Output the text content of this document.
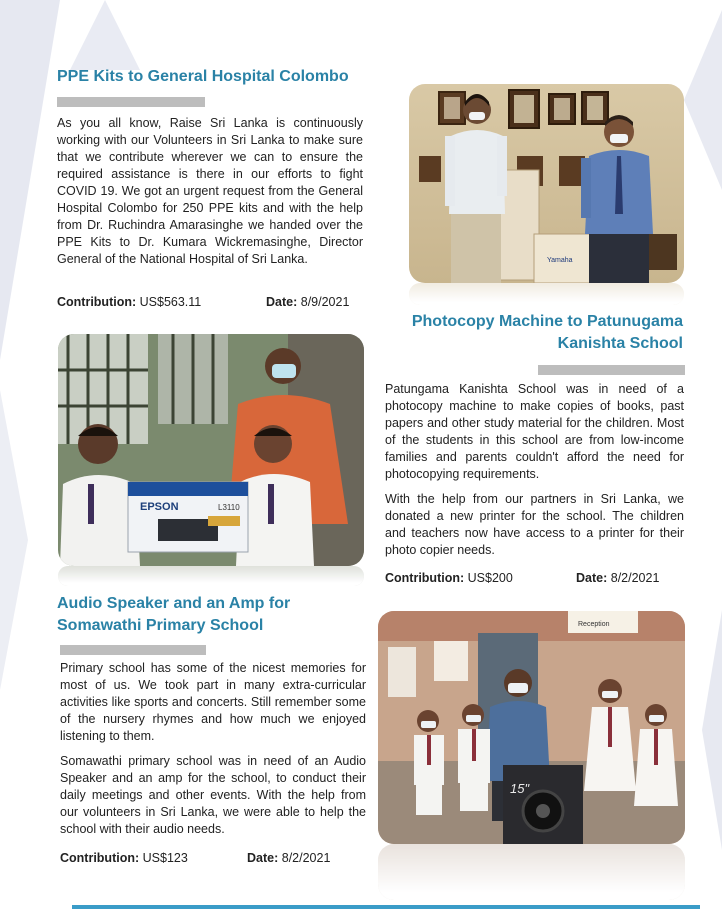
PPE Kits to General Hospital Colombo

As you all know, Raise Sri Lanka is continuously working with our Volunteers in Sri Lanka to make sure that we contribute wherever we can to ensure the required assistance is there in our efforts to fight COVID 19. We got an urgent request from the General Hospital Colombo for 250 PPE kits and with the help from Dr. Ruchindra Amarasinghe we handed over the PPE Kits to Dr. Kumara Wickremasinghe, Director General of the National Hospital of Sri Lanka.

Contribution: US$563.11	Date: 8/9/2021
Yamaha
Photocopy Machine to Patunugama
Kanishta School

Patungama Kanishta School was in need of a photocopy machine to make copies of books, past papers and other study material for the children. Most of the students in this school are from low-income families and parents couldn't afford the need for photocopying requirements.

With the help from our partners in Sri Lanka, we donated a new printer for the school. The children and teachers now have access to a printer for their photo copier needs.

Contribution: US$200	Date: 8/2/2021
EPSON	L3110
Audio Speaker and an Amp for
Somawathi Primary School

Primary school has some of the nicest memories for most of us. We took part in many extra-curricular activities like sports and concerts. Still remember some of the nursery rhymes and how much we enjoyed listening to them.

Somawathi primary school was in need of an Audio Speaker and an amp for the school, to conduct their daily meetings and other events. With the help from our volunteers in Sri Lanka, we were able to help the school with their audio needs.

Contribution: US$123	Date: 8/2/2021
Reception
15"
